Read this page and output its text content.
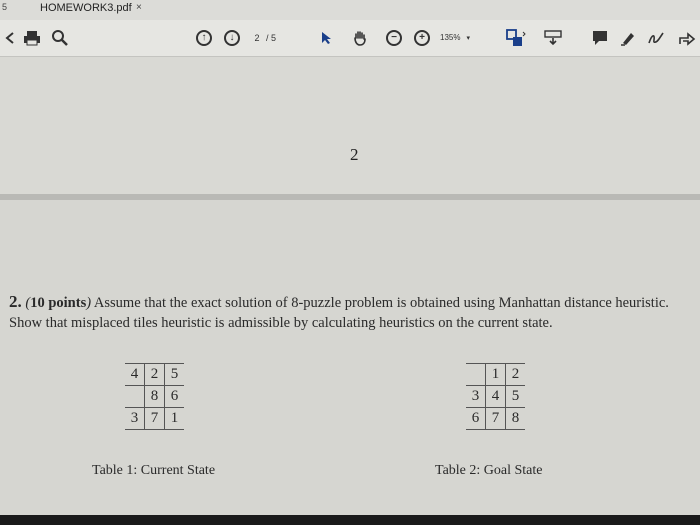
5	HOMEWORK3.pdf ×
↑	↓	2 / 5	−	+	135% ▾
2
2. (10 points) Assume that the exact solution of 8-puzzle problem is obtained using Manhattan distance heuristic. Show that misplaced tiles heuristic is admissible by calculating heuristics on the current state.
4	2	5
	8	6
3	7	1
Table 1: Current State
	1	2
3	4	5
6	7	8
Table 2: Goal State
